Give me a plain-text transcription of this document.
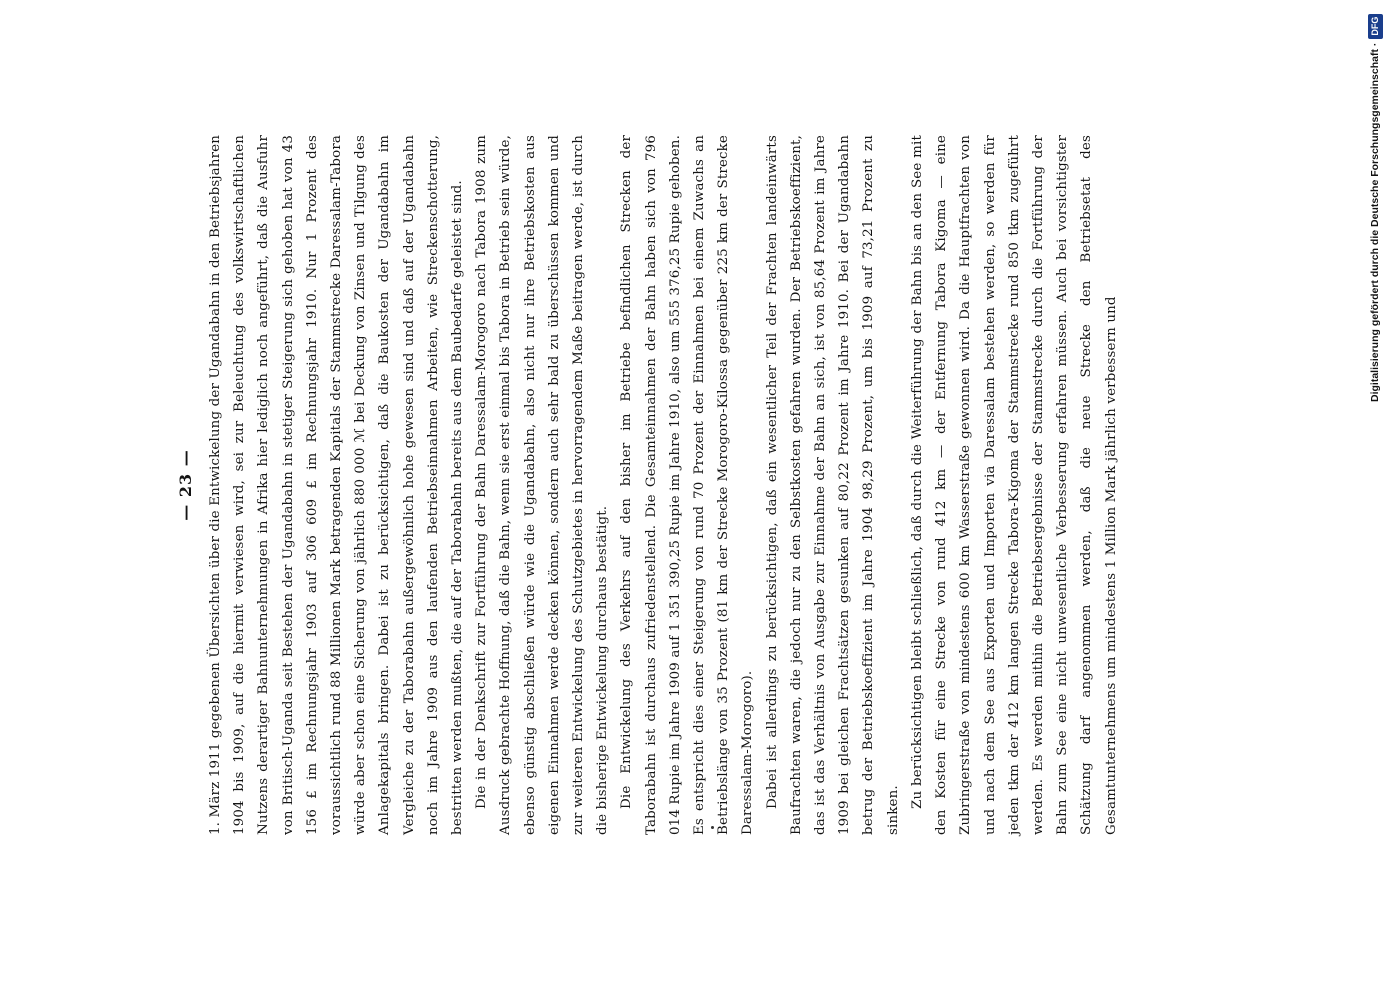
— 23 — 1. März 1911 gegebenen Übersichten über die Entwickelung der Ugandabahn in den Betriebsjahren 1904 bis 1909, auf die hiermit verwiesen wird, sei zur Beleuchtung des volkswirtschaftlichen Nutzens derartiger Bahnunternehmungen in Afrika hier lediglich noch angeführt, daß die Ausfuhr von Britisch-Uganda seit Bestehen der Ugandabahn in stetiger Steigerung sich gehoben hat von 43 156 £ im Rechnungsjahr 1903 auf 306 609 £ im Rechnungsjahr 1910. Nur 1 Prozent des voraussichtlich rund 88 Millionen Mark betragenden Kapitals der Stammstrecke Daressalam-Tabora würde aber schon eine Sicherung von jährlich 880 000 ℳ bei Deckung von Zinsen und Tilgung des Anlagekapitals bringen. Dabei ist zu berücksichtigen, daß die Baukosten der Ugandabahn im Vergleiche zu der Taborabahn außergewöhnlich hohe gewesen sind und daß auf der Ugandabahn noch im Jahre 1909 aus den laufenden Betriebseinnahmen Arbeiten, wie Streckenschotterung, bestritten werden mußten, die auf der Taborabahn bereits aus dem Baubedarfe geleistet sind. Die in der Denkschrift zur Fortführung der Bahn Daressalam-Morogoro nach Tabora 1908 zum Ausdruck gebrachte Hoffnung, daß die Bahn, wenn sie erst einmal bis Tabora in Betrieb sein würde, ebenso günstig abschließen würde wie die Ugandabahn, also nicht nur ihre Betriebskosten aus eigenen Einnahmen werde decken können, sondern auch sehr bald zu überschüssen kommen und zur weiteren Entwickelung des Schutzgebietes in hervorragendem Maße beitragen werde, ist durch die bisherige Entwickelung durchaus bestätigt. Die Entwickelung des Verkehrs auf den bisher im Betriebe befindlichen Strecken der Taborabahn ist durchaus zufriedenstellend. Die Gesamteinnahmen der Bahn haben sich von 796 014 Rupie im Jahre 1909 auf 1 351 390,25 Rupie im Jahre 1910, also um 555 376,25 Rupie gehoben. Es entspricht dies einer Steigerung von rund 70 Prozent der Einnahmen bei einem Zuwachs an Betriebslänge von 35 Prozent (81 km der Strecke Morogoro-Kilossa gegenüber 225 km der Strecke Daressalam-Morogoro). Dabei ist allerdings zu berücksichtigen, daß ein wesentlicher Teil der Frachten landeinwärts Baufrachten waren, die jedoch nur zu den Selbstkosten gefahren wurden. Der Betriebskoeffizient, das ist das Verhältnis von Ausgabe zur Einnahme der Bahn an sich, ist von 85,64 Prozent im Jahre 1909 bei gleichen Frachtsätzen gesunken auf 80,22 Prozent im Jahre 1910. Bei der Ugandabahn betrug der Betriebskoeffizient im Jahre 1904 98,29 Prozent, um bis 1909 auf 73,21 Prozent zu sinken.

Zu berücksichtigen bleibt schließlich, daß durch die Weiterführung der Bahn bis an den See mit den Kosten für eine Strecke von rund 412 km — der Entfernung Tabora Kigoma — eine Zubringerstraße von mindestens 600 km Wasserstraße gewonnen wird. Da die Hauptfrachten von und nach dem See aus Exporten und Importen via Daressalam bestehen werden, so werden für jeden tkm der 412 km langen Strecke Tabora-Kigoma der Stammstrecke rund 850 tkm zugeführt werden. Es werden mithin die Betriebsergebnisse der Stammstrecke durch die Fortführung der Bahn zum See eine nicht unwesentliche Verbesserung erfahren müssen. Auch bei vorsichtigster Schätzung darf angenommen werden, daß die neue Strecke den Betriebsetat des Gesamtunternehmens um mindestens 1 Million Mark jährlich verbessern und

Digitalisierung gefördert durch die Deutsche Forschungsgemeinschaft ·
DFG
